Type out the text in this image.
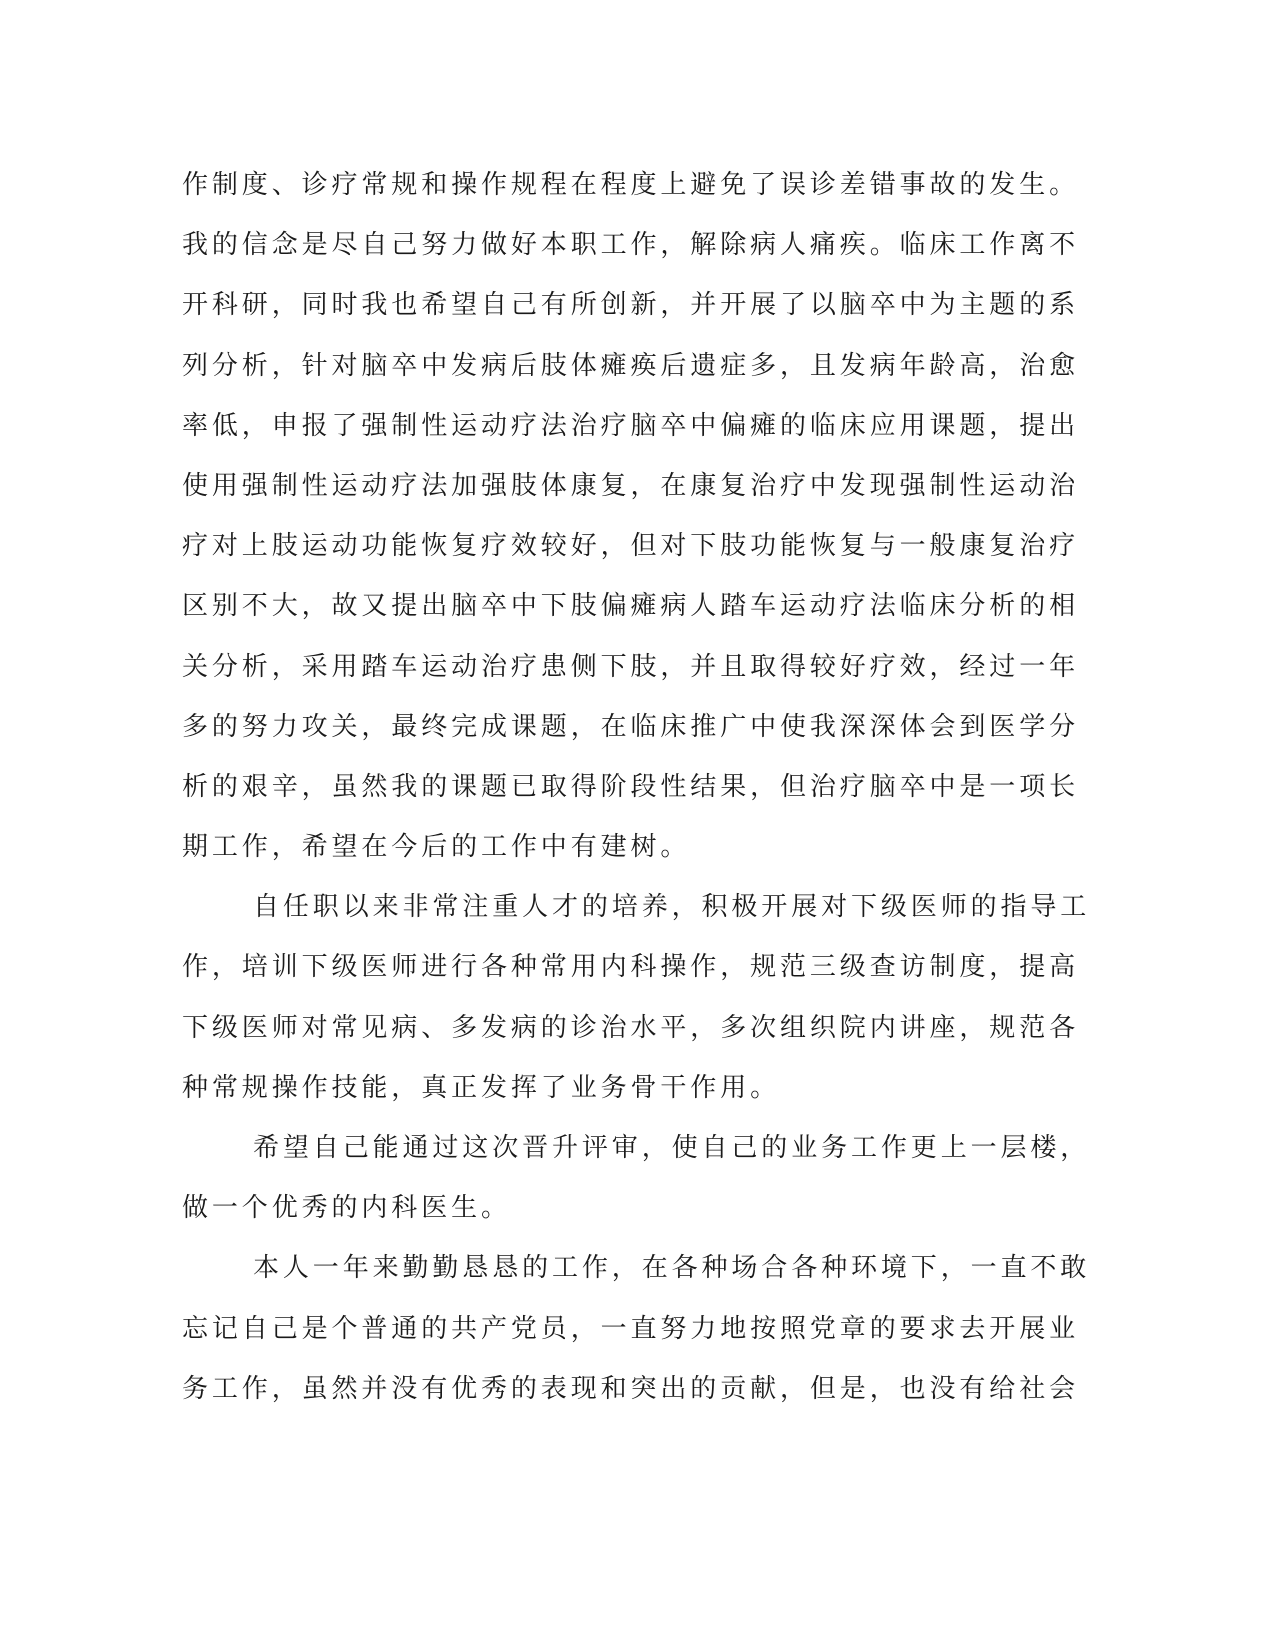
作制度、诊疗常规和操作规程在程度上避免了误诊差错事故的发生。
我的信念是尽自己努力做好本职工作，解除病人痛疾。临床工作离不
开科研，同时我也希望自己有所创新，并开展了以脑卒中为主题的系
列分析，针对脑卒中发病后肢体瘫痪后遗症多，且发病年龄高，治愈
率低，申报了强制性运动疗法治疗脑卒中偏瘫的临床应用课题，提出
使用强制性运动疗法加强肢体康复，在康复治疗中发现强制性运动治
疗对上肢运动功能恢复疗效较好，但对下肢功能恢复与一般康复治疗
区别不大，故又提出脑卒中下肢偏瘫病人踏车运动疗法临床分析的相
关分析，采用踏车运动治疗患侧下肢，并且取得较好疗效，经过一年
多的努力攻关，最终完成课题，在临床推广中使我深深体会到医学分
析的艰辛，虽然我的课题已取得阶段性结果，但治疗脑卒中是一项长
期工作，希望在今后的工作中有建树。
自任职以来非常注重人才的培养，积极开展对下级医师的指导工
作，培训下级医师进行各种常用内科操作，规范三级查访制度，提高
下级医师对常见病、多发病的诊治水平，多次组织院内讲座，规范各
种常规操作技能，真正发挥了业务骨干作用。
希望自己能通过这次晋升评审，使自己的业务工作更上一层楼，
做一个优秀的内科医生。
本人一年来勤勤恳恳的工作，在各种场合各种环境下，一直不敢
忘记自己是个普通的共产党员，一直努力地按照党章的要求去开展业
务工作，虽然并没有优秀的表现和突出的贡献，但是，也没有给社会
